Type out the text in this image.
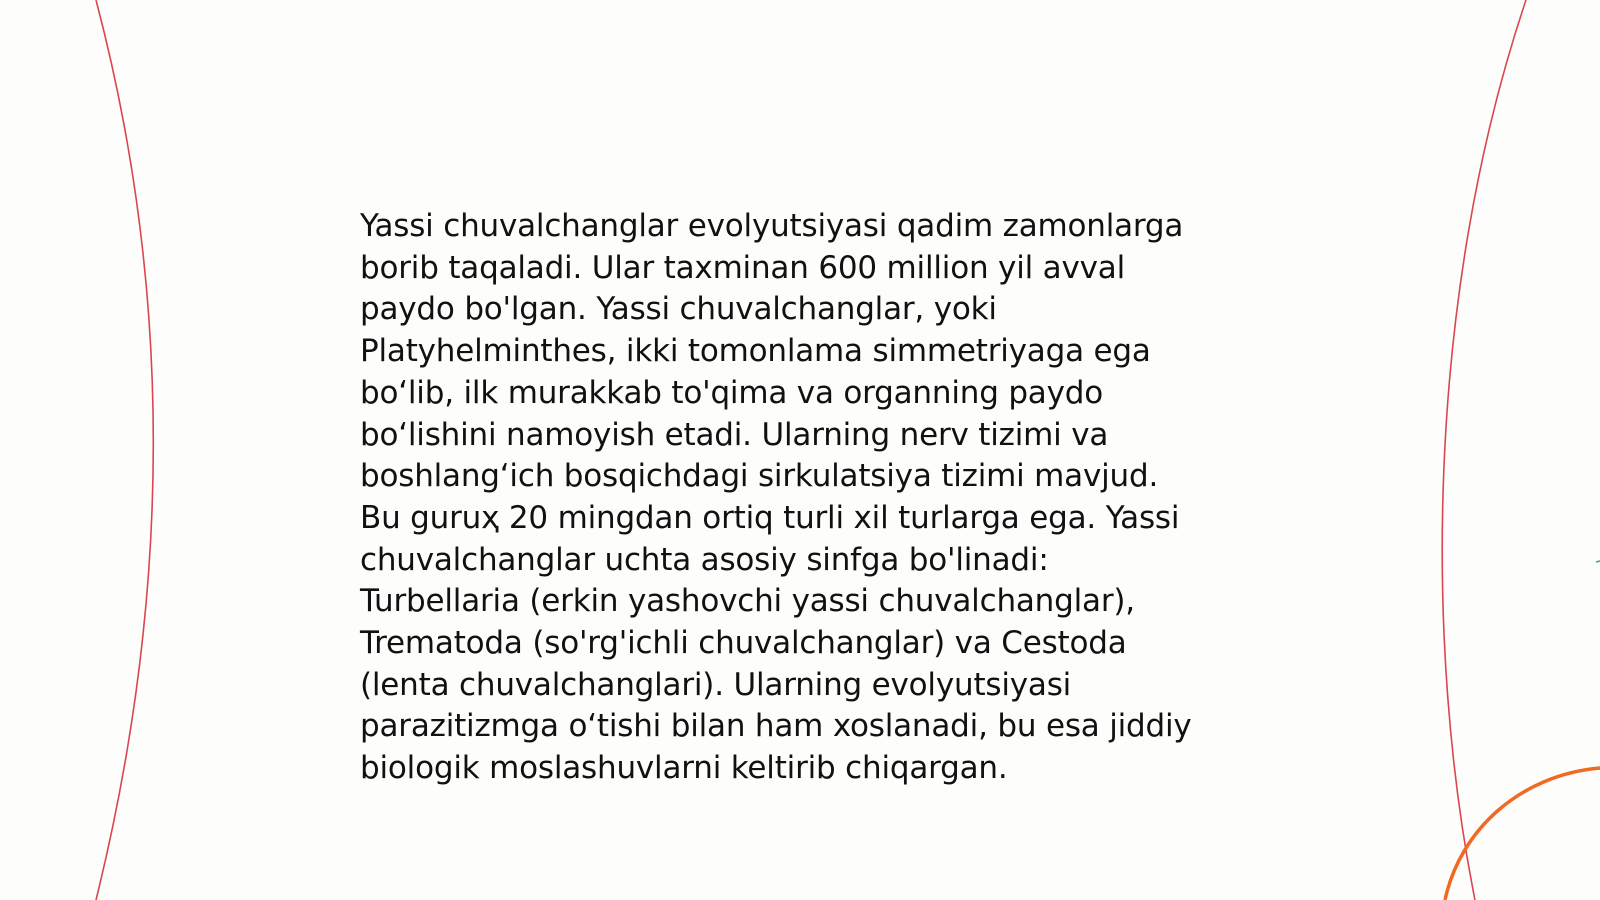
Yassi chuvalchanglar evolyutsiyasi qadim zamonlarga
borib taqaladi. Ular taxminan 600 million yil avval
paydo bo'lgan. Yassi chuvalchanglar, yoki
Platyhelminthes, ikki tomonlama simmetriyaga ega
bo‘lib, ilk murakkab to'qima va organning paydo
bo‘lishini namoyish etadi. Ularning nerv tizimi va
boshlang‘ich bosqichdagi sirkulatsiya tizimi mavjud.
Bu guruҳ 20 mingdan ortiq turli xil turlarga ega. Yassi
chuvalchanglar uchta asosiy sinfga bo'linadi:
Turbellaria (erkin yashovchi yassi chuvalchanglar),
Trematoda (so'rg'ichli chuvalchanglar) va Cestoda
(lenta chuvalchanglari). Ularning evolyutsiyasi
parazitizmga o‘tishi bilan ham xoslanadi, bu esa jiddiy
biologik moslashuvlarni keltirib chiqargan.
